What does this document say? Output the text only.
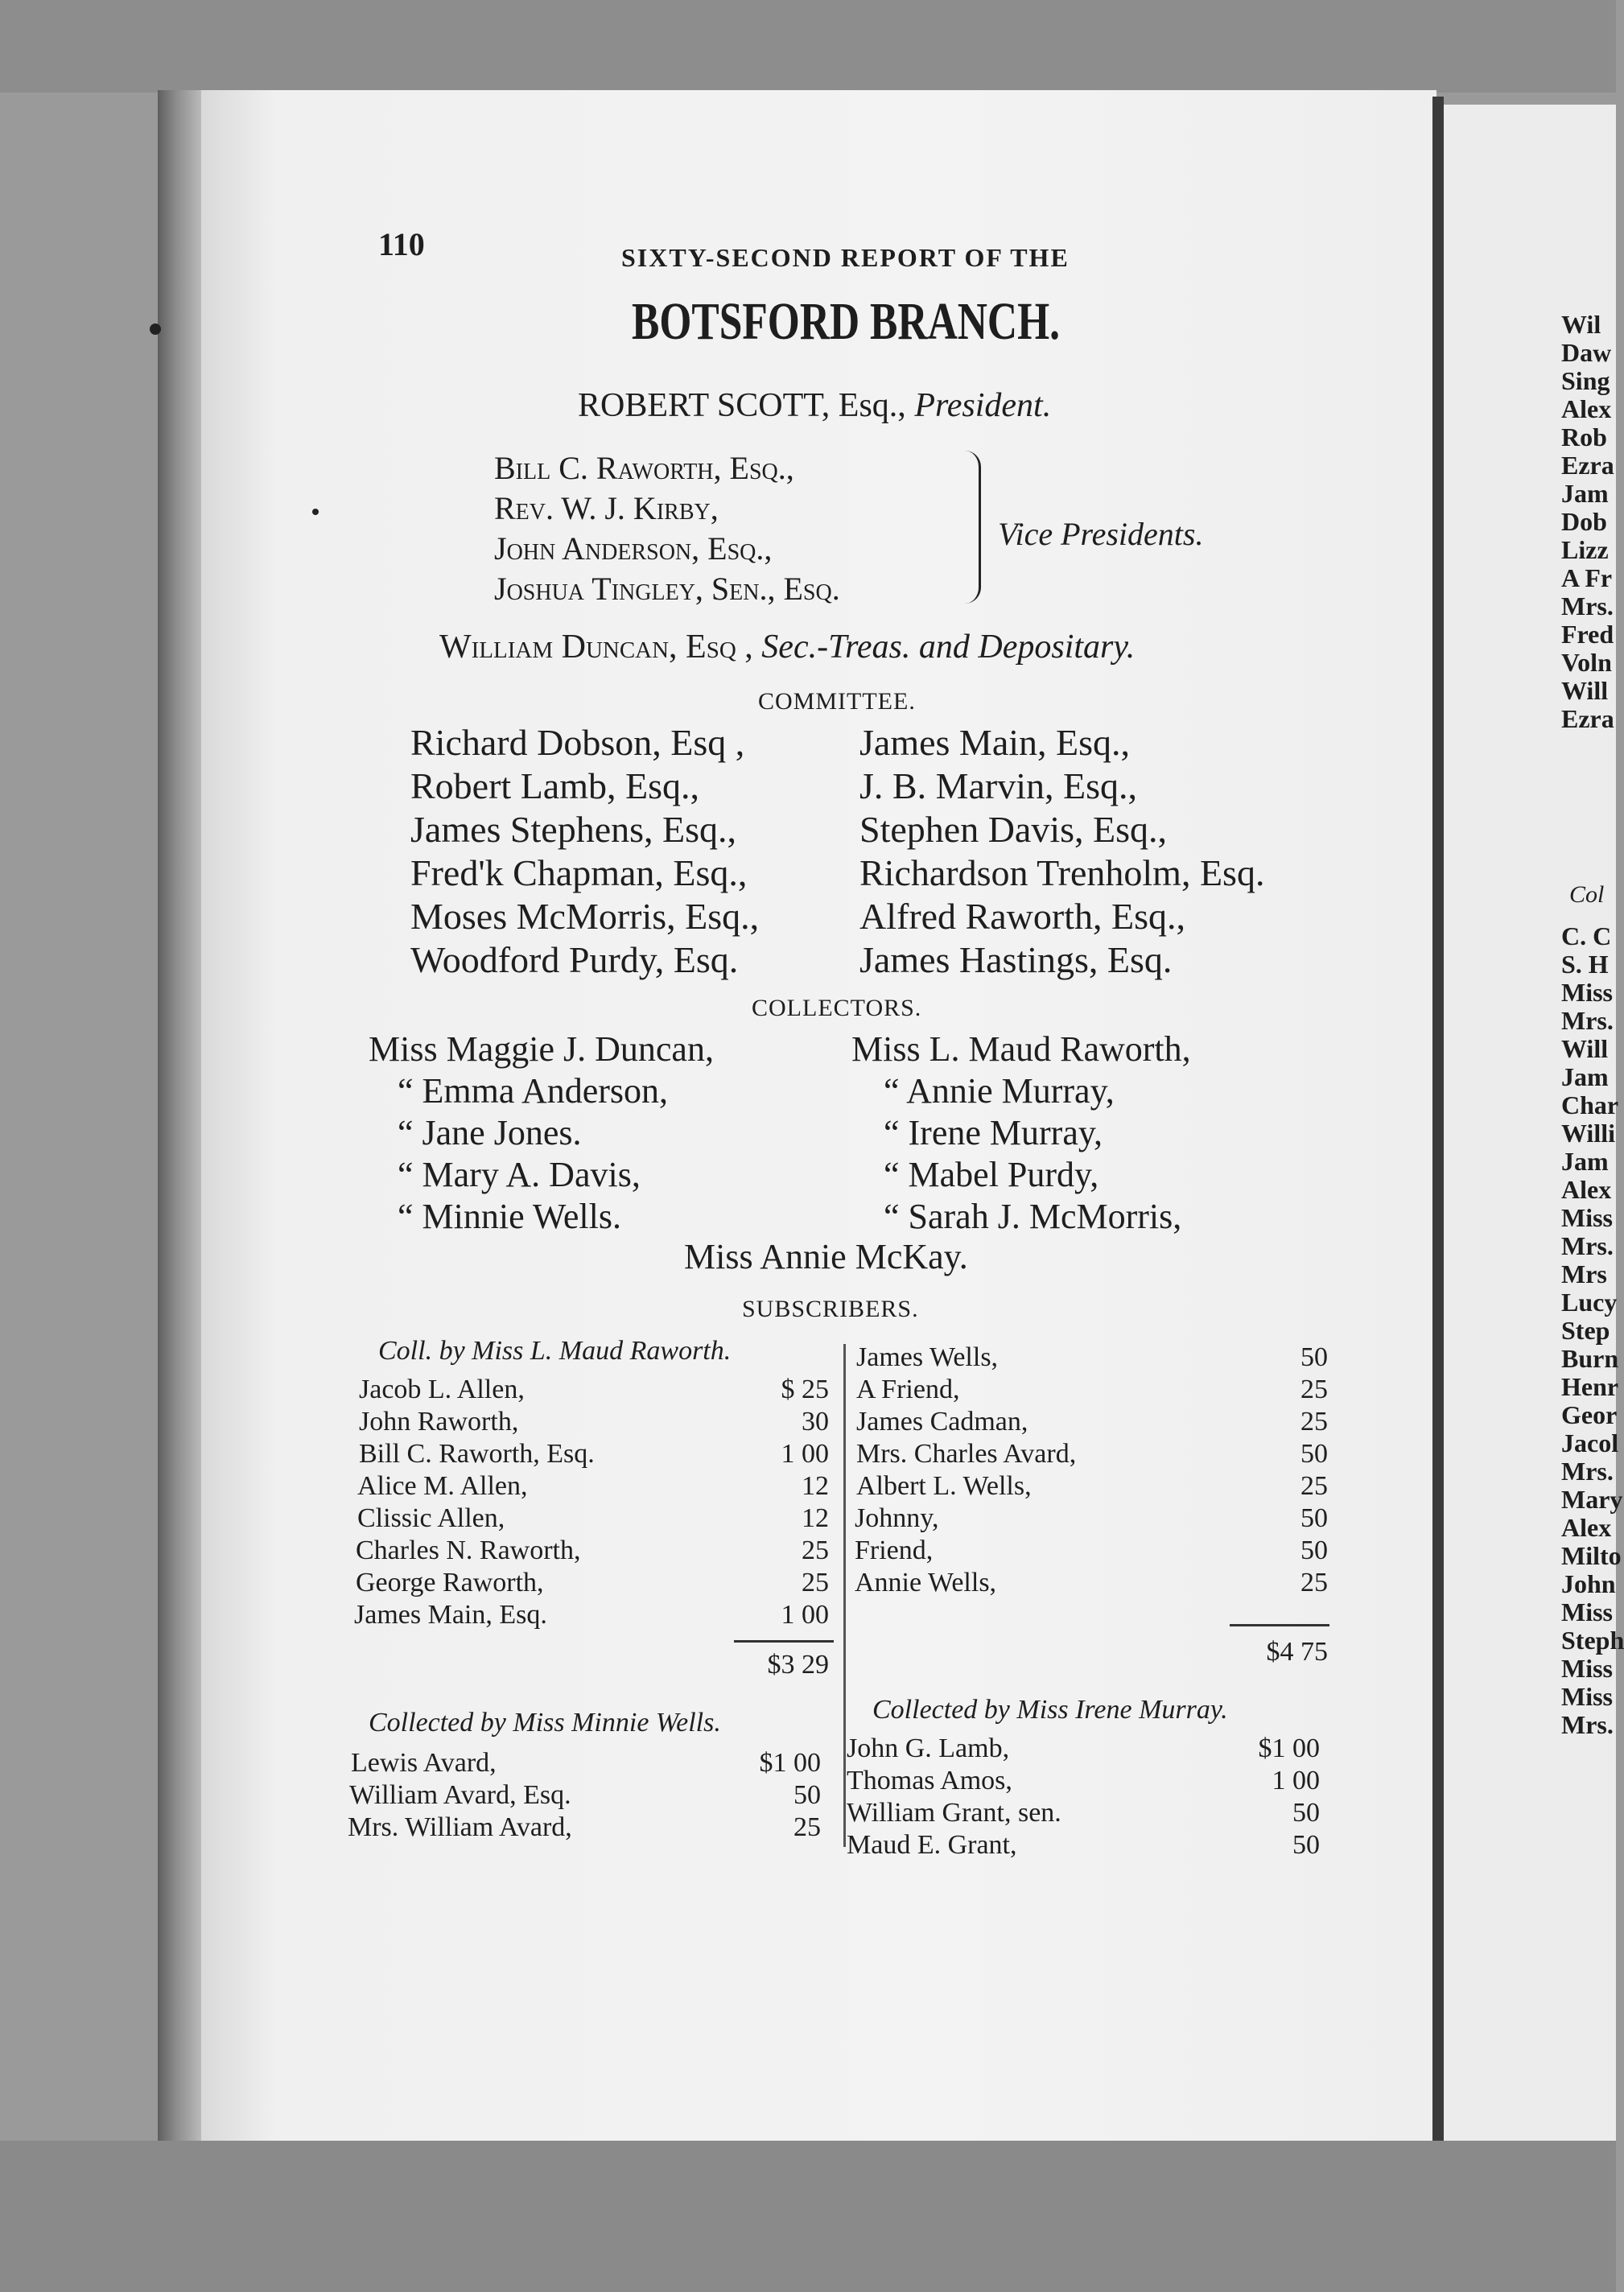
110	SIXTY-SECOND REPORT OF THE
BOTSFORD BRANCH.
ROBERT SCOTT, Esq., President.
Bill C. Raworth, Esq.,
Rev. W. J. Kirby,
John Anderson, Esq.,
Joshua Tingley, Sen., Esq.
Vice Presidents.
William Duncan, Esq , Sec.-Treas. and Depositary.
COMMITTEE.
Richard Dobson, Esq ,
Robert Lamb, Esq.,
James Stephens, Esq.,
Fred'k Chapman, Esq.,
Moses McMorris, Esq.,
Woodford Purdy, Esq.
James Main, Esq.,
J. B. Marvin, Esq.,
Stephen Davis, Esq.,
Richardson Trenholm, Esq.
Alfred Raworth, Esq.,
James Hastings, Esq.
COLLECTORS.
Miss Maggie J. Duncan,
“ Emma Anderson,
“ Jane Jones.
“ Mary A. Davis,
“ Minnie Wells.
Miss L. Maud Raworth,
“ Annie Murray,
“ Irene Murray,
“ Mabel Purdy,
“ Sarah J. McMorris,
Miss Annie McKay.
SUBSCRIBERS.
Coll. by Miss L. Maud Raworth.
Jacob L. Allen,
John Raworth,
Bill C. Raworth, Esq.
Alice M. Allen,
Clissic Allen,
Charles N. Raworth,
George Raworth,
James Main, Esq.
$ 25
30
1 00
12
12
25
25
1 00
$3 29
James Wells,
A Friend,
James Cadman,
Mrs. Charles Avard,
Albert L. Wells,
Johnny,
Friend,
Annie Wells,
50
25
25
50
25
50
50
25
$4 75
Collected by Miss Minnie Wells.
Lewis Avard,
William Avard, Esq.
Mrs. William Avard,
$1 00
50
25
Collected by Miss Irene Murray.
John G. Lamb,
Thomas Amos,
William Grant, sen.
Maud E. Grant,
$1 00
1 00
50
50
Wil
Daw
Sing
Alex
Rob
Ezra
Jam
Dob
Lizz
A Fr
Mrs.
Fred
Voln
Will
Ezra
Col
C. C
S. H
Miss
Mrs.
Will
Jam
Char
Willi
Jam
Alex
Miss
Mrs.
Mrs
Lucy
Step
Burn
Henr
Geor
Jacol
Mrs.
Mary
Alex
Milto
John
Miss
Steph
Miss
Miss
Mrs.
